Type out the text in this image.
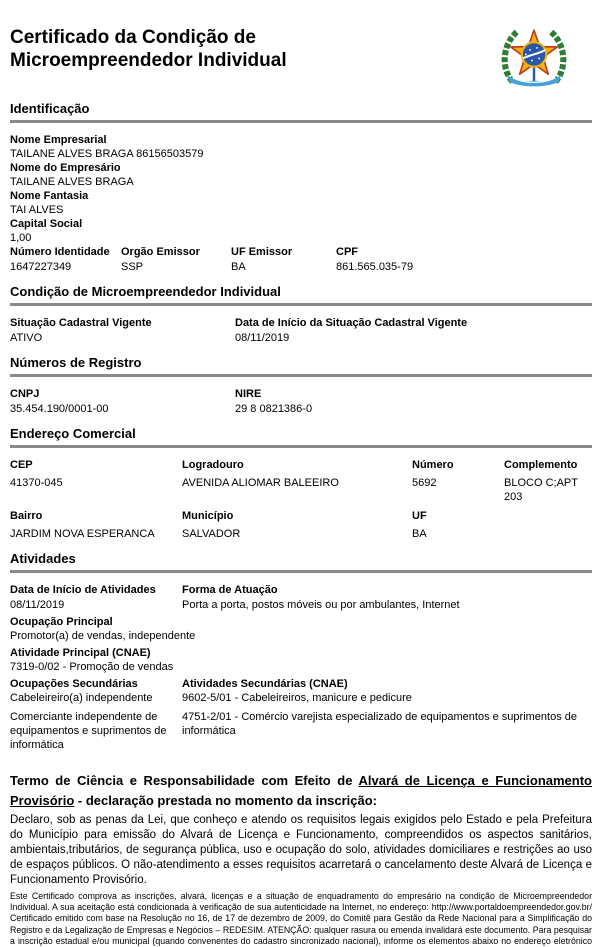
Certificado da Condição de Microempreendedor Individual
Identificação
Nome Empresarial
TAILANE ALVES BRAGA 86156503579
Nome do Empresário
TAILANE ALVES BRAGA
Nome Fantasia
TAI ALVES
Capital Social
1,00
Número Identidade
1647227349
Orgão Emissor
SSP
UF Emissor
BA
CPF
861.565.035-79
Condição de Microempreendedor Individual
Situação Cadastral Vigente
ATIVO
Data de Início da Situação Cadastral Vigente
08/11/2019
Números de Registro
CNPJ
35.454.190/0001-00
NIRE
29 8 0821386-0
Endereço Comercial
CEP
41370-045
Logradouro
AVENIDA ALIOMAR BALEEIRO
Número
5692
Complemento
BLOCO C;APT 203
Bairro
JARDIM NOVA ESPERANCA
Município
SALVADOR
UF
BA
Atividades
Data de Início de Atividades
08/11/2019
Forma de Atuação
Porta a porta, postos móveis ou por ambulantes, Internet
Ocupação Principal
Promotor(a) de vendas, independente
Atividade Principal (CNAE)
7319-0/02 - Promoção de vendas
Ocupações Secundárias	Atividades Secundárias (CNAE)
Cabeleireiro(a) independente	9602-5/01 - Cabeleireiros, manicure e pedicure
Comerciante independente de equipamentos e suprimentos de informática
4751-2/01 - Comércio varejista especializado de equipamentos e suprimentos de informática
Termo de Ciência e Responsabilidade com Efeito de Alvará de Licença e Funcionamento Provisório - declaração prestada no momento da inscrição:

Declaro, sob as penas da Lei, que conheço e atendo os requisitos legais exigidos pelo Estado e pela Prefeitura do Município para emissão do Alvará de Licença e Funcionamento, compreendidos os aspectos sanitários, ambientais,tributários, de segurança pública, uso e ocupação do solo, atividades domiciliares e restrições ao uso de espaços públicos. O não-atendimento a esses requisitos acarretará o cancelamento deste Alvará de Licença e Funcionamento Provisório.

Este Certificado comprova as inscrições, alvará, licenças e a situação de enquadramento do empresário na condição de Microempreendedor Individual. A sua aceitação está condicionada à verificação de sua autenticidade na Internet, no endereço: http://www.portaldoempreendedor.gov.br/ Certificado emitido com base na Resolução no 16, de 17 de dezembro de 2009, do Comitê para Gestão da Rede Nacional para a Simplificação do Registro e da Legalização de Empresas e Negócios – REDESIM. ATENÇÃO: qualquer rasura ou emenda invalidará este documento. Para pesquisar a inscrição estadual e/ou municipal (quando convenentes do cadastro sincronizado nacional), informe os elementos abaixo no endereço eletrônico
